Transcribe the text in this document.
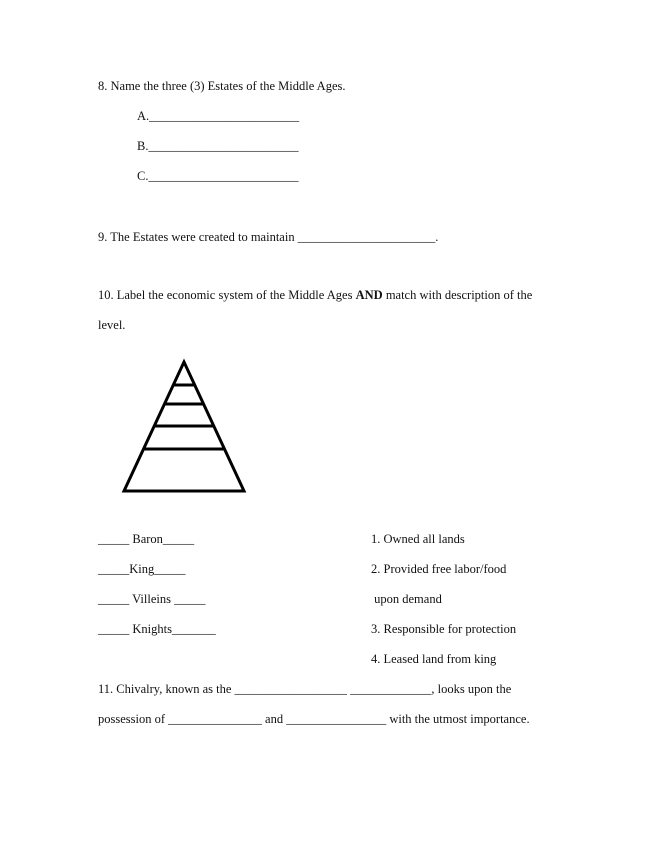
8. Name the three (3) Estates of the Middle Ages.
A.________________________
B.________________________
C.________________________
9. The Estates were created to maintain ______________________.
10. Label the economic system of the Middle Ages AND match with description of the
level.
_____ Baron_____
_____King_____
_____ Villeins _____
_____ Knights_______
1. Owned all lands
2. Provided free labor/food
upon demand
3. Responsible for protection
4. Leased land from king
11. Chivalry, known as the __________________ _____________, looks upon the
possession of _______________ and ________________ with the utmost importance.
